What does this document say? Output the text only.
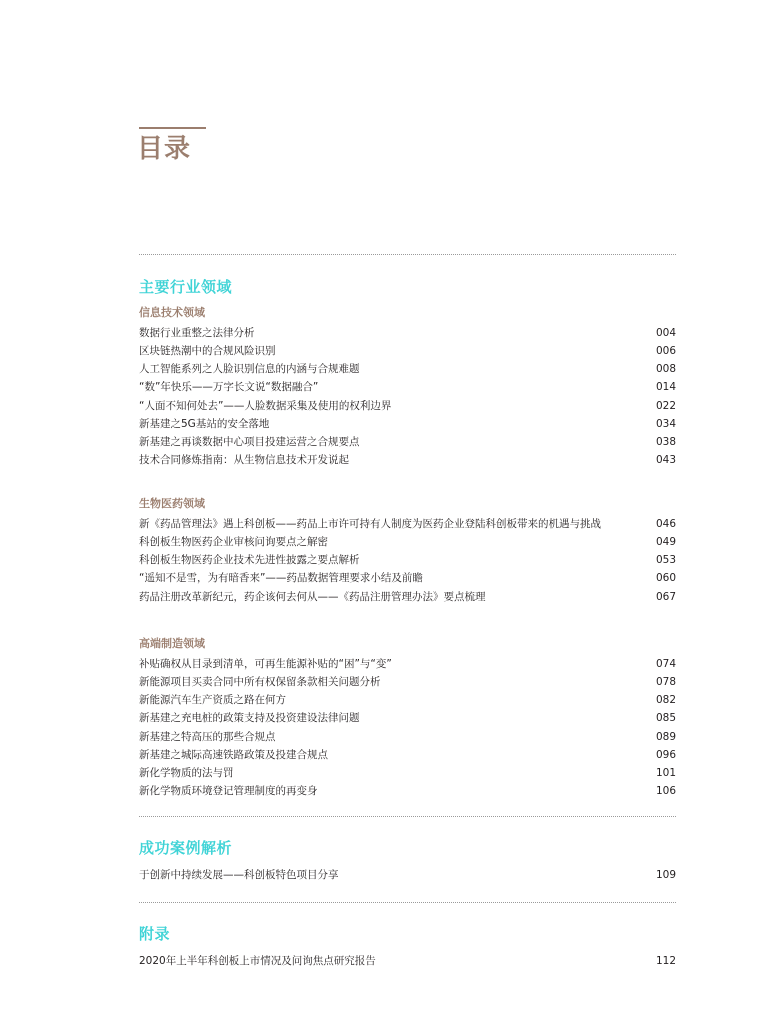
目录
主要行业领域
信息技术领域
数据行业重整之法律分析	004
区块链热潮中的合规风险识别	006
人工智能系列之人脸识别信息的内涵与合规难题	008
“数”年快乐——万字长文说“数据融合”	014
“人面不知何处去”——人脸数据采集及使用的权利边界	022
新基建之5G基站的安全落地	034
新基建之再谈数据中心项目投建运营之合规要点	038
技术合同修炼指南：从生物信息技术开发说起	043
生物医药领域
新《药品管理法》遇上科创板——药品上市许可持有人制度为医药企业登陆科创板带来的机遇与挑战	046
科创板生物医药企业审核问询要点之解密	049
科创板生物医药企业技术先进性披露之要点解析	053
“遥知不是雪，为有暗香来”——药品数据管理要求小结及前瞻	060
药品注册改革新纪元，药企该何去何从——《药品注册管理办法》要点梳理	067
高端制造领域
补贴确权从目录到清单，可再生能源补贴的“困”与“变”	074
新能源项目买卖合同中所有权保留条款相关问题分析	078
新能源汽车生产资质之路在何方	082
新基建之充电桩的政策支持及投资建设法律问题	085
新基建之特高压的那些合规点	089
新基建之城际高速铁路政策及投建合规点	096
新化学物质的法与罚	101
新化学物质环境登记管理制度的再变身	106
成功案例解析
于创新中持续发展——科创板特色项目分享	109
附录
2020年上半年科创板上市情况及问询焦点研究报告	112
